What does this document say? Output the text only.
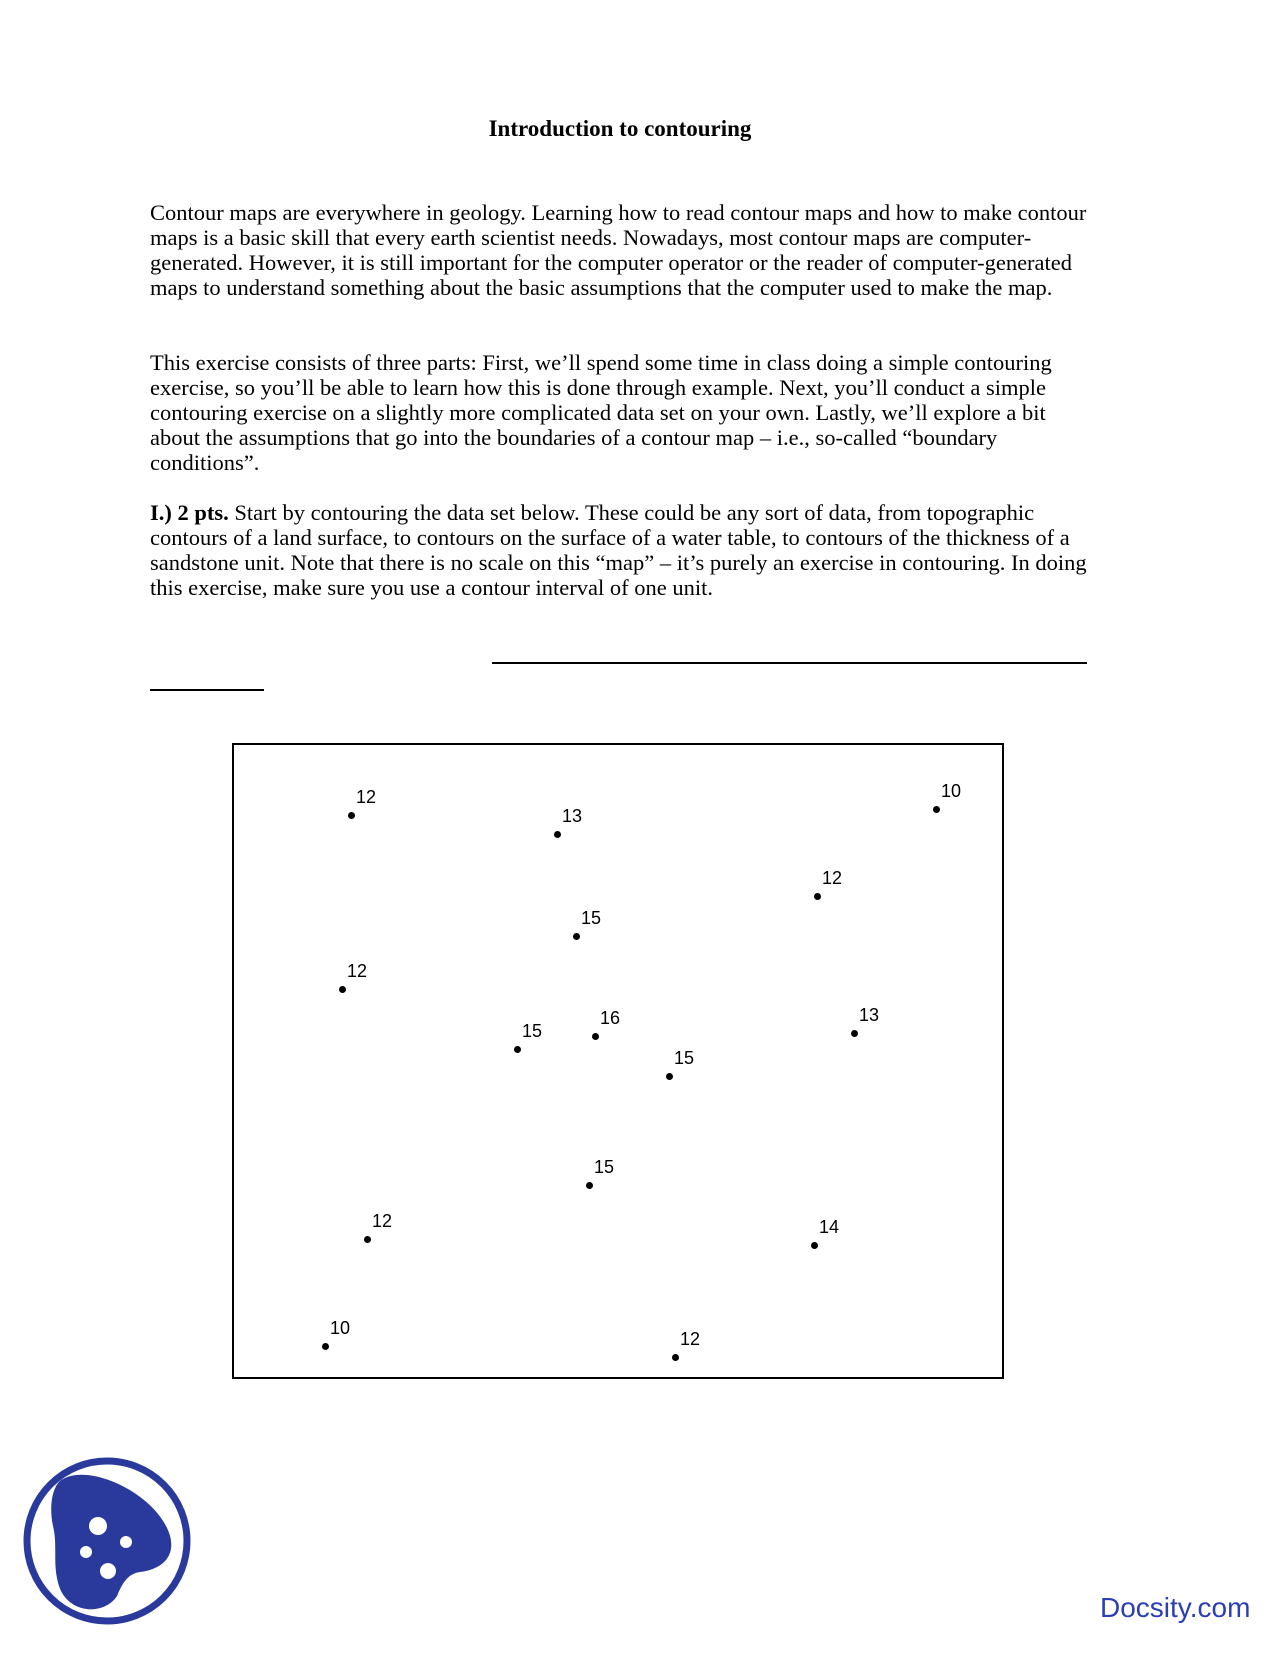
Introduction to contouring

Contour maps are everywhere in geology. Learning how to read contour maps and how to make contour maps is a basic skill that every earth scientist needs. Nowadays, most contour maps are computer-generated. However, it is still important for the computer operator or the reader of computer-generated maps to understand something about the basic assumptions that the computer used to make the map.

This exercise consists of three parts: First, we’ll spend some time in class doing a simple contouring exercise, so you’ll be able to learn how this is done through example. Next, you’ll conduct a simple contouring exercise on a slightly more complicated data set on your own. Lastly, we’ll explore a bit about the assumptions that go into the boundaries of a contour map – i.e., so-called “boundary conditions”.

I.) 2 pts. Start by contouring the data set below. These could be any sort of data, from topographic contours of a land surface, to contours on the surface of a water table, to contours of the thickness of a sandstone unit. Note that there is no scale on this “map” – it’s purely an exercise in contouring. In doing this exercise, make sure you use a contour interval of one unit.

12
13
10
12
15
12
16	13
15
15
15
12	14
10
12
Docsity.com
